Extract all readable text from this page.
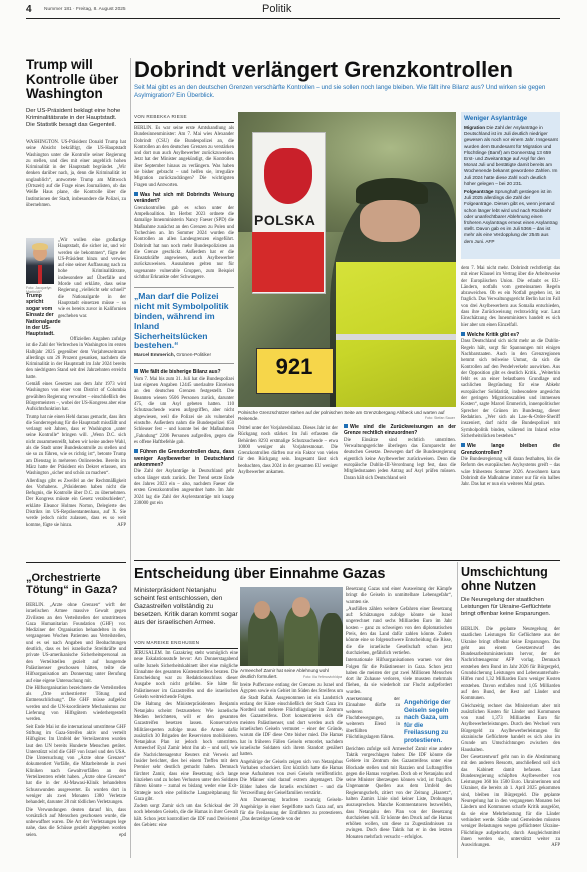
4	Nummer 181 · Freitag, 8. August 2025	Politik
Trump will Kontrolle über Washington
Der US-Präsident beklagt eine hohe Kriminalitätsrate in der Hauptstadt. Die Statistik besagt das Gegenteil.

WASHINGTON. US-Präsident Donald Trump hat seine Absicht bekräftigt, die US-Hauptstadt Washington unter die Kontrolle seiner Regierung zu stellen, und dies mit einer angeblich hohen Kriminalität in der Hauptstadt begründet. „Wir denken darüber nach, ja, denn die Kriminalität ist unglaublich“, antwortete Trump am Mittwoch (Ortszeit) auf die Frage eines Journalisten, ob das Weiße Haus plane, die Kontrolle über die Institutionen der Stadt, insbesondere die Polizei, zu übernehmen.

Foto: Jacquelyn Martin/AP
Trump spricht sogar vom Einsatz der Nationalgarde in der US-Hauptstadt.

„Wir wollen eine großartige Hauptstadt, die sicher ist, und wir werden sie bekommen“, fügte der US-Präsident hinzu und verwies auf eine seiner Auffassung nach zu hohe Kriminalitätsrate, insbesondere auf Überfälle und Morde und erklärte, dass seine Regierung „vielleicht sehr schnell“ die Nationalgarde in der Hauptstadt einsetzen müsse – so wie es bereits zuvor in Kalifornien geschehen war.

Offiziellen Angaben zufolge ist die Zahl der Verbrechen in Washington im ersten Halbjahr 2025 gegenüber dem Vorjahreszeitraum allerdings um 26 Prozent gesunken, nachdem die Kriminalität in der Hauptstadt im Jahr 2024 bereits den niedrigsten Stand seit drei Jahrzehnten erreicht hatte.

Gemäß eines Gesetzes aus dem Jahr 1973 wird Washington von einer vom District of Columbia gewählten Regierung verwaltet – einschließlich des Bürgermeisters –, wobei der US-Kongress aber eine Aufsichtsfunktion hat.

Trump hat nie einen Hehl daraus gemacht, dass ihm die Sonderregelung für die Hauptstadt missfällt und verlangt seit Jahren, dass er Washington „unter seine Kontrolle“ bringen will. „Wenn D.C. sich nicht zusammenreißt, haben wir keine andere Wahl, als die Stadt unter Bundeskontrolle zu stellen und sie so zu führen, wie es richtig ist“, betonte Trump am Dienstag in mehreren Onlinereden. Bereits im März hatte der Präsident ein Dekret erlassen, um Washington „sicher und schön zu machen“.

Allerdings gibt es Zweifel an der Rechtmäßigkeit des Vorhabens. „Präsidenten haben nicht die Befugnis, die Kontrolle über D.C. zu übernehmen. Der Kongress müsste ein Gesetz verabschieden“, erklärte Eleanor Holmes Norton, Delegierte des Distrikts im US-Repräsentantenhaus, auf X. Sie werde jedoch nicht zulassen, dass es so weit komme, fügte sie hinzu.	AFP

„Orchestrierte Tötung“ in Gaza?

BERLIN. „Arzte ohne Grenzen“ wirft der israelischen Armee massive Gewalt gegen Zivilisten an den Verteilstellen der umstrittenen Gaza Humanitarian Foundation (GHF) vor. Mediziner der Organisation behandelten in den vergangenen Wochen Patienten aus Verteilstellen, und es sei nach Angaben und Beobachtungen deutlich, dass es bei israelische Streitkräfte und private US-amerikanische Sicherheitspersonal an den Verteilstellen gezielt auf hungernde Palästinenser geschossen hätten, teilte die Hilfsorganisation am Donnerstag unter Berufung auf eine eigene Untersuchung mit.

Die Hilfsorganisation bezeichnete die Verteilstellen als „Orte orchestrierter Tötung und Entmenschlichung“. Die GHF müsse aufgelöst werden und die UN-koordinierte Mechanismus zur Lieferung von Hilfsgütern wiederhergestellt werden.

Seit Ende Mai ist die international umstrittene GHF Stiftung im Gaza-Streifen aktiv und verteilt Hilfsgüter. Im Umfeld der Verteilzentren wurden laut den UN bereits Hunderte Menschen getötet. Unterstützt wird die GHF von Israel und den USA. Die Untersuchung von „Ärzte ohne Grenzen“ dokumentiert Vorfälle, die Mitarbeitende in zwei Kliniken nach Gewaltvorfällen an den Verteilzentren erlebt haben. „Ärzte ohne Grenzen“ hat die in der Al-Mawasi-Klinik behandelten Schusswunden ausgewertet. Es wurden dort in weniger als zwei Monaten 1380 Verletzte behandelt, darunter 28 mit tödlichen Verletzungen.

Die Verwundungen deuten darauf hin, dass vorsätzlich auf Menschen geschossen wurde, die unbewaffnet waren. Die Art der Verletzungen lege nahe, dass die Schüsse gezielt abgegeben worden seien.	epd

Dobrindt verlängert Grenzkontrollen
Seit Mai gibt es an den deutschen Grenzen verschärfte Kontrollen – und sie sollen noch lange bleiben. Wie fällt ihre Bilanz aus? Und wirken sie gegen Asylmigration? Ein Überblick.
VON REBEKKA RIESE

BERLIN. Es war seine erste Amtshandlung als Bundesinnenminister: Am 7. Mai wies Alexander Dobrindt (CSU) die Bundespolizei an, die Kontrollen an den deutschen Grenzen zu verstärken und dort nun auch Asylbewerber zurückzuweisen. Jetzt hat der Minister angekündigt, die Kontrollen über September hinaus zu verlängern. Was haben sie bisher gebracht – und helfen sie, irreguläre Migration zurückzudrängen? Die wichtigsten Fragen und Antworten.

Was hat sich mit Dobrindts Weisung verändert?

Grenzkontrollen gab es schon unter der Ampelkoalition. Im Herbst 2023 ordnete die damalige Innenministerin Nancy Faeser (SPD) die Maßnahme zunächst an den Grenzen zu Polen und Tschechien an. Im Sommer 2024 wurden die Kontrollen an allen Landesgrenzen eingeführt. Dobrindt hat nun noch mehr Bundespolizisten an die Grenze geschickt. Außerdem hat er die Einsatzkräfte angewiesen, auch Asylbewerber zurückzuweisen. Ausnahmen gelten nur für sogenannte vulnerable Gruppen, zum Beispiel sichtbar Erkrankte oder Schwangere.

„Man darf die Polizei nicht mit Symbolpolitik binden, während im Inland Sicherheitslücken bestehen.“
Marcel Emmerich, Grünen-Politiker
Wie fällt die bisherige Bilanz aus?

Vom 7. Mai bis zum 31. Juli hat die Bundespolizei laut eigenen Angaben 12445 unerlaubte Einreisen an den deutschen Grenzen festgestellt. Die Beamten wiesen 9506 Personen zurück, darunter 475, die um Asyl gebeten hatten. 110 Schutzsuchende waren aufgegriffen, aber nicht abgewiesen, weil die Polizei sie als vulnerabel einstufte. Außerdem nahm die Bundespolizei 650 Schleuser fest – und konnte bei der Maßnahmen „Fahndung“ 2206 Personen aufgreifen, gegen die es offene Haftbefehle gab.

Führen die Grenzkontrollen dazu, dass weniger Asylbewerber in Deutschland ankommen?

Die Zahl der Asylanträge in Deutschland geht schon länger stark zurück. Der Trend setzte Ende des Jahres 2023 ein – also, nachdem Faeser die ersten Grenzkontrollen angeordnet hatte. Im Jahr 2024 lag die Zahl der Asylerstanträge mit knapp 230000 gut ein

POLSKA
921
Polnische Grenzschützer stehen auf der polnischen Seite am Grenzübergang Ahlbeck und warten auf Reisende.	Foto: Stefan Sauer

Drittel unter der Vorjahresbilanz. Dieses Jahr ist der Rückgang noch stärker. Im Juli erfassten die Behörden 8293 erstmalige Schutzsuchende – etwa 10000 weniger als Vorjahresmonat. Die Grenzkontrollen dürften nur ein Faktor von vielen für den Rückgang sein. Insgesamt lässt sich beobachten, dass 2024 in der gesamten EU weniger Asylbewerber ankamen.

Wie sind die Zurückweisungen an der Grenze rechtlich einzuordnen?

Die Einsätze sind rechtlich umstritten. Verwaltungsgerichte überlegen das Europarecht der deutschen Gesetze. Deswegen darf die Bundesregierung eigentlich keine Asylbewerber zurückweisen. Denn die europäische Dublin-III-Verordnung legt fest, dass die Mitgliedsstaaten jeden Antrag auf Asyl prüfen müssen. Daran hält sich Deutschland seit

Weniger Asylanträge
Migration Die Zahl der Asylanträge in Deutschland ist im Juli deutlich niedriger gewesen als noch vor einem Jahr. Insgesamt wurden dem Bundesamt für Migration und Flüchtlinge (Bamf) am Donnerstag 13 659 Erst- und Zweitanträge auf Asyl für den Monat Juli und bestätigte damit bereits am Wochenende bekannt gewordene Zahlen. Im Juli 2024 hatte diese Zahl noch deutlich höher gelegen – bei 20 231.
Folgeanträge Sprunghaft gestiegen ist im Juli 2025 allerdings die Zahl der Folgeanträge. Diesen gibt es, wenn jemand schon länger lebt wird und nach Rückkehr oder unanfechtbarer Ablehnung einen früheren Asylantrags erneut einen Asylantrag stellt. Davon gab es im Juli 5366 – das ist mehr als eine Verdopplung der 2545 aus dem Juni. AFP

dem 7. Mai nicht mehr. Dobrindt rechtfertigt das mit einer Klausel im Vertrag über die Arbeitsweise der Europäischen Union. Die erlaubt es EU-Ländern, notfalls vom gemeinsamen Regeln abzuweichen. Ob es ein Notfall gegeben ist, ist fraglich. Das Verwaltungsgericht Berlin hat im Fall von drei Asylbewerbern aus Somalia entschieden, dass ihre Zurückweisung rechtswidrig war. Laut Einschätzung des Innenministers handelt es sich hier aber um einen Einzelfall.

Welche Kritik gibt es?

Dass Deutschland sich nicht mehr an die Dublin-Regeln hält, sorgt für Spannungen mit einigen Nachbarstaaten. Auch in den Grenzregionen hemmt sich teilweise Unmut, da sich die Kontrollen auf den Pendelverkehr auswirken. Aus der Opposition gibt es deutlich Kritik. „Weiterhin fehlt es an einer belastbaren Grundlage und sachlichen Begründung für eine Abkehr europäischer Solidarität, insbesondere angesichts der geringen Migrationszahlen und immensen Kosten“, sagte Marcel Emmerich, innenpolitischer Sprecher der Grünen im Bundestag, dieser Redaktion. „Wer sich als Law-&-Order-Sheriff inszeniert, darf nicht die Bundespolizei mit Symbolpolitik binden, während im Inland echte Sicherheitslücken bestehen.“

Wie lange bleiben die Grenzkontrollen?

Die Bundesregierung will daran festhalten, bis die Reform des europäischen Asylsystems greift – das wäre frühestens Sommer 2026. Anwohnern kann Dobrindt die Maßnahme immer nur für ein halbes Jahr. Das hat er nun ein weiteres Mal getan.

Entscheidung über Einnahme Gazas
Ministerpräsident Netanjahu scheint fest entschlossen, den Gazastreifen vollständig zu besetzen. Kritik daran kommt sogar aus der israelischen Armee.
VON MAREIKE ENGHUSEN
Armeechef Zamir hat seine Ablehnung wohl deutlich formuliert.	Foto: Ilia Yefimovich/dpa

JERUSALEM. Im Gazakrieg steht womöglich eine neue Eskalationsstufe bevor: Am Donnerstagabend sollte Israels Sicherheitskabinett über eine mögliche Einnahme des gesamten Küstenstreifens beraten. Die Entscheidung war zu Redaktionsschluss dieser Ausgabe noch nicht gefallen. Sie hätte für Palästinenser im Gazastreifen und die israelischen Geiseln weitreichende Folgen.

Die Haltung des Ministerpräsidenten Benjamin Netanjahu scheint festzustehen: Wie israelische Medien berichteten, will er den gesamten Gazastreifen besetzen lassen. Konservativen Militärexperten zufolge muss die Armee dafür zusätzlich 30 Brigaden der Reservisten mobilisieren. Netanjahus Plan ist jedoch hoch umstritten. Armeechef Eyal Zamir lehnt ihn ab – und soll, wie die Nachrichtenagentur Reuters mit Verweis auf Insider berichtet, dies bei einem Treffen mit dem Premier sehr deutlich gemacht haben. Demnach fürchtet Zamir, dass eine Besetzung sich lange hinziehen und zu hohen Verlusten unter den Soldaten führen könnte – zumal es bislang weder eine Exit-Strategie noch eine politische Langzeitplanung für Gaza gibt.

Zudem sorgt Zamir sich um das Schicksal der 20 noch lebenden Geiseln, die die Hamas in ihrer Gewalt hält. Schon jetzt kontrolliert die IDF rund Dreiviertel des Gebiets: eine

breite Pufferzone entlang der Grenzen zu Israel und Ägypten sowie ein Gebiet im Süden des Streifens um die Stadt Rafah. Ausgenommen ist ein Landstrich entlang der Küste einschließlich der Stadt Gaza im Nordteil und mehrere Flüchtlingslager im Zentrum des Gazastreifens. Dort konzentrieren sich die meisten Palästinenser, und dort werden auch die israelischen Geiseln vermutet – einer der Gründe, warum die IDF diese Orte bisher mied. Die Hamas hat in früheren Fällen Geiseln ermordet, nachdem israelische Soldaten sich ihrem Standort genähert hatten.

Angehörige der Geiseln zeigen sich von Netanjahus Vorhaben schockiert. Erst kürzlich hatte die Hamas neue Aufnahmen von zwei Geiseln veröffentlicht. Die Männer sind darauf extrem abgemagert. Die Bilder haben die Israelis erschüttert – und die Verzweiflung der Geiselfamilien verstärkt.

Am Donnerstag brachten zwanzig Geiseln-Angehörige in einer Segelflotte nach Gaza auf, um für die Freilassung der Entführten zu protestieren. „Das derzeitige Gerede von der

Besetzung Gazas und einer Ausweitung der Kämpfe bringt die Geiseln in unmittelbare Lebensgefahr“, warnten sie.

„Ausfüllen zählen weitere Gefahren einer Besetzung auf: Schätzungen zufolge könnte sie Israel ungerechnet rund sechs Milliarden Euro im Jahr kosten – ganz zu schweigen von den diplomatischen Preis, den das Land dafür zahlen könnte. Zudem könnte eine so folgenschwere Entscheidung die Risse, die die israelische Gesellschaft schon jetzt durchziehen, gefährlich vertiefen.

Internationale Hilfsorganisationen warnen vor den Folgen für die Palästinenser in Gaza. Schon jetzt haben die meisten der gut zwei Millionen Menschen dort ihr Zuhause verloren, viele mussten mehrmals fliehen, da sie wiederholt zur Flucht aufgefordert wurden.

Angehörige der Geiseln segeln nach Gaza, um für die Freilassung zu protestieren.

Anerkennung der Einnahme dürfte zu weiteren Fluchtbewegungen, zu weiterem Elend in überfüllten Flüchtlingslagern führen.

Berichten zufolge soll Armeechef Zamir eine andere Taktik vorgeschlagen haben: Die IDF könnte die Gebiete im Zentrum des Gazastreifens unter eine Blockade stellen und mit Razzien und Luftangriffen gegen die Hamas vorgehen. Doch ob er Netanjahu und seine Minister überzeugen können wird, ist fraglich. Ungenannte Quellen aus dem Umfeld des Regierungschefs, zitiert von der Zeitung „Haaretz“, halten Zamirs Linie sind keiner Liste, Drohungen auszusprechen. Manche Kommentatoren bezweifeln, dass Netanjahu den Plan von der Besetzung durchziehen will. Er könnte den Druck auf die Hamas erhöhen wollen, um diese zu Zugeständnissen zu zwingen. Doch diese Taktik hat er in den letzten Monaten mehrfach versucht – erfolglos.

Umschichtung ohne Nutzen
Die Neuregelung der staatlichen Leistungen für Ukraine-Geflüchtete bringt offenbar keine Ersparungen.

BERLIN. Die geplante Neuregelung der staatlichen Leistungen für Geflüchtete aus der Ukraine bringt offenbar keine Ersparungen. Das geht aus einem Gesetzentwurf des Bundesarbeitsministeriums hervor, der der Nachrichtenagentur AFP vorlag. Demnach entstehen dem Bund im Jahr 2026 für Bürgergeld, Grundsicherung Leistungen und Lebensunterhalts-Hilfen rund 1,32 Milliarden Euro weniger Kosten entstehen. Davon entfallen rund 1,05 Milliarden auf den Bund, der Rest auf Länder und Kommunen.

Gleichzeitig rechnet das Ministerium aber mit zusätzlichen Kosten für Länder und Kommunen von rund 1,373 Milliarden Euro für Asylbewerberleistungen. Durch den Wechsel vom Bürgergeld zu Asylbewerberleistungen für ukrainische Geflüchtete handelt es sich also im Grunde um Umschichtungen zwischen den Haushalten.

Der Gesetzentwurf geht nun in die Abstimmung mit den anderen Ressorts, anschließend soll sich das Kabinett damit befassen. Laut Bundesregierung schöpften Asylbewerber von Leistungen 360 bis 1500 Euro. Ukrainerinnen und Ukrainer, die bereits ab 1. April 2025 gekommen sind, bleiben im Bürgergeld. Die geplante Neuregelung hat in den vergangenen Monaten bei Ländern und Kommunen scharfe Kritik ausgelöst, da sie eine Mehrbelastung für die Länder verhindert werde. Städte und Gemeinden müssten weniger Belastungen wegen geflüchteter Ukraine-Flüchtlinge aufgebracht, durch Ausgleichsmittel ihnen werden sie, unterstützt weiter zu Auswirkungen.	AFP
